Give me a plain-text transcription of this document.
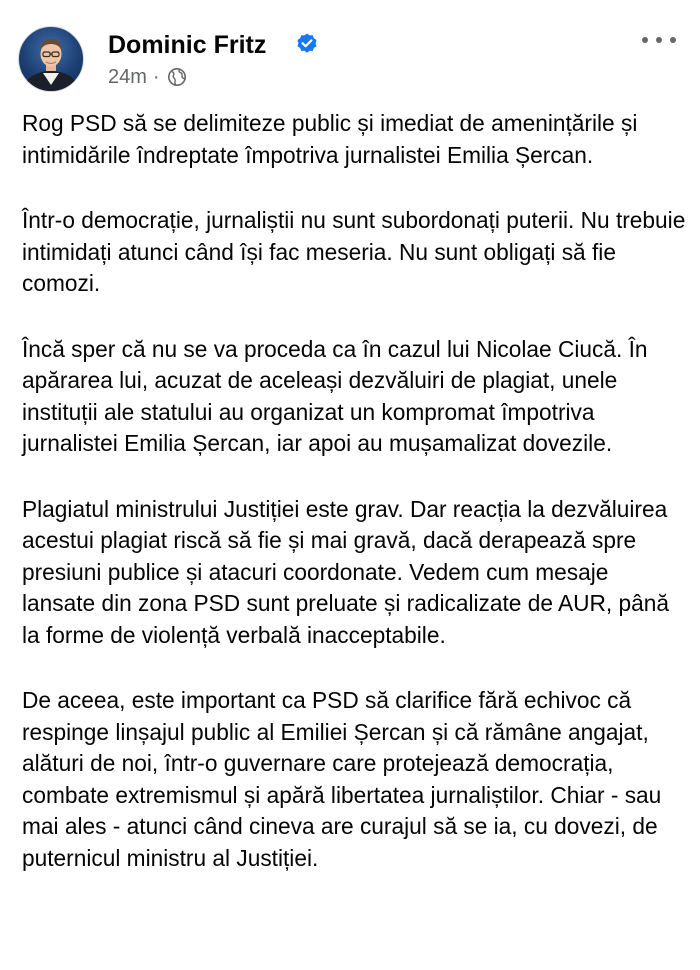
Dominic Fritz
24m ·

Rog PSD să se delimiteze public și imediat de amenințările și intimidările îndreptate împotriva jurnalistei Emilia Șercan.

Într-o democrație, jurnaliștii nu sunt subordonați puterii. Nu trebuie intimidați atunci când își fac meseria. Nu sunt obligați să fie comozi.

Încă sper că nu se va proceda ca în cazul lui Nicolae Ciucă. În apărarea lui, acuzat de aceleași dezvăluiri de plagiat, unele instituții ale statului au organizat un kompromat împotriva jurnalistei Emilia Șercan, iar apoi au mușamalizat dovezile.

Plagiatul ministrului Justiției este grav. Dar reacția la dezvăluirea acestui plagiat riscă să fie și mai gravă, dacă derapează spre presiuni publice și atacuri coordonate. Vedem cum mesaje lansate din zona PSD sunt preluate și radicalizate de AUR, până la forme de violență verbală inacceptabile.

De aceea, este important ca PSD să clarifice fără echivoc că respinge linșajul public al Emiliei Șercan și că rămâne angajat, alături de noi, într-o guvernare care protejează democrația, combate extremismul și apără libertatea jurnaliștilor. Chiar - sau mai ales - atunci când cineva are curajul să se ia, cu dovezi, de puternicul ministru al Justiției.
